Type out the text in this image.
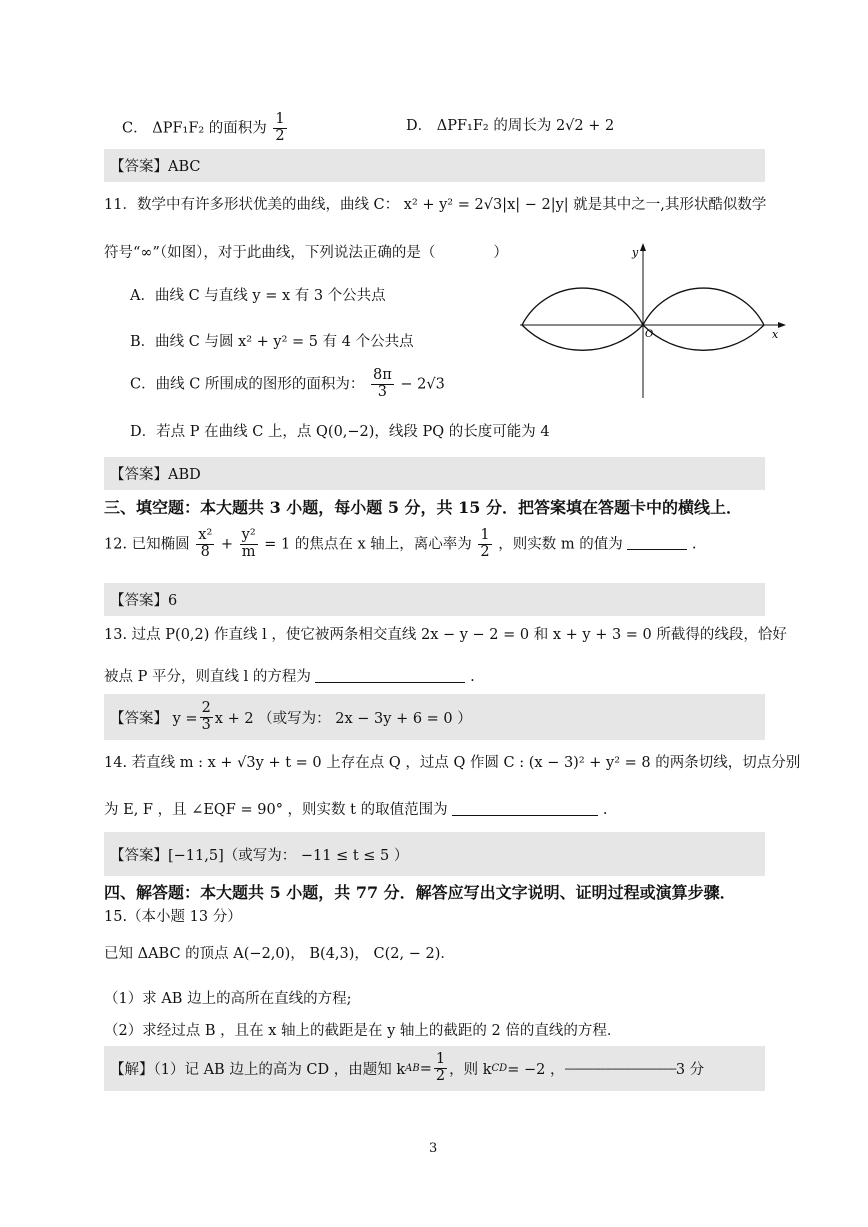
C． ΔPF₁F₂ 的面积为 $\frac{1}{2}$	D． ΔPF₁F₂ 的周长为 2√2 + 2
【答案】ABC
11．数学中有许多形状优美的曲线，曲线 C： x² + y² = 2√3|x| − 2|y| 就是其中之一,其形状酷似数学
符号“∞”（如图），对于此曲线，下列说法正确的是（　　　　）
A．曲线 C 与直线 y = x 有 3 个公共点
B．曲线 C 与圆 x² + y² = 5 有 4 个公共点
C．曲线 C 所围成的图形的面积为： $\frac{8\pi}{3} - 2√3$
D．若点 P 在曲线 C 上，点 Q(0,−2)，线段 PQ 的长度可能为 4
x
y
O
【答案】ABD
三、填空题：本大题共 3 小题，每小题 5 分，共 15 分．把答案填在答题卡中的横线上．
12. 已知椭圆 $\frac{\text{x²}}{8} + \frac{\text{y²}}{m} = 1$ 的焦点在 x 轴上，离心率为 $\frac{1}{2}$ ，则实数 m 的值为	.
【答案】6
13. 过点 P(0,2) 作直线 l ，使它被两条相交直线 2x − y − 2 = 0 和 x + y + 3 = 0 所截得的线段，恰好
被点 P 平分，则直线 l 的方程为	.
【答案】 $y = \frac{2}{3}$ x + 2 （或写为： 2x − 3y + 6 = 0 ）
14. 若直线 m : x + √3y + t = 0 上存在点 Q ，过点 Q 作圆 C : (x − 3)² + y² = 8 的两条切线，切点分别
为 E, F ，且 ∠EQF = 90° ，则实数 t 的取值范围为	.
【答案】[−11,5]（或写为： −11 ≤ t ≤ 5 ）
四、解答题：本大题共 5 小题，共 77 分．解答应写出文字说明、证明过程或演算步骤．
15.（本小题 13 分）
已知 ΔABC 的顶点 A(−2,0)， B(4,3)， C(2, − 2)．
（1）求 AB 边上的高所在直线的方程;
（2）求经过点 B ，且在 x 轴上的截距是在 y 轴上的截距的 2 倍的直线的方程．
【解】（1）记 AB 边上的高为 CD ，由题知 k AB = $\frac{1}{2}$ ，则 k CD = −2 ， ----------------------------------------- 3 分
3
